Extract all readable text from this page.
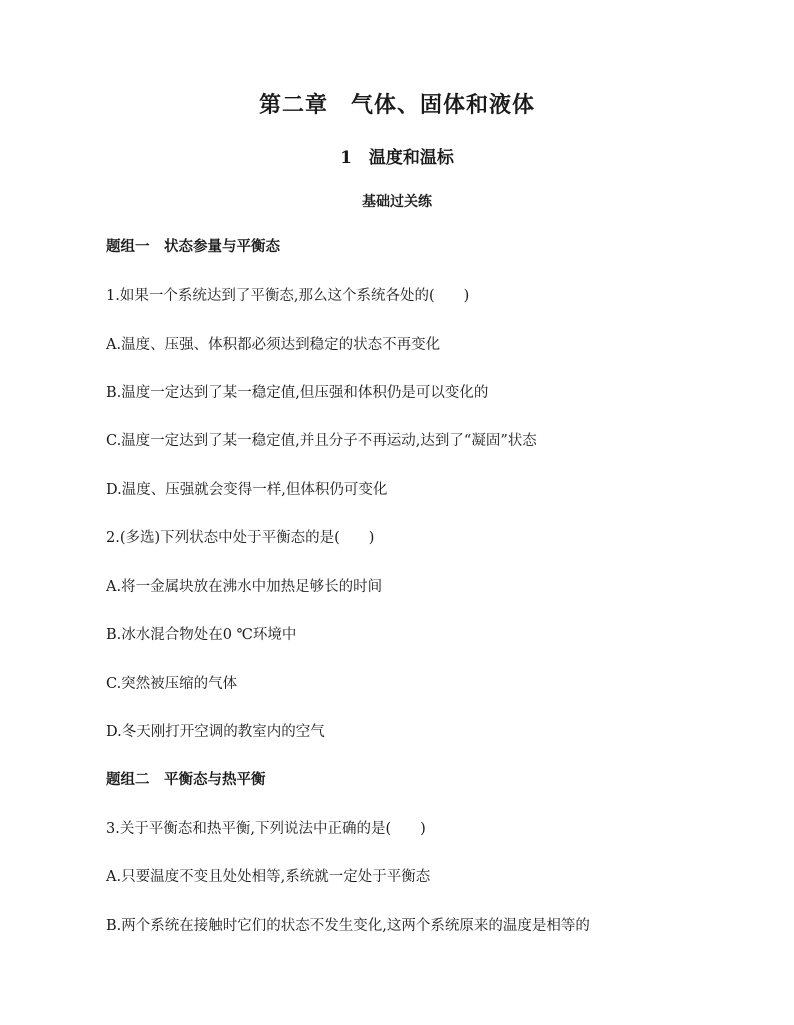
第二章　气体、固体和液体
1　温度和温标
基础过关练
题组一　状态参量与平衡态
1.如果一个系统达到了平衡态,那么这个系统各处的(　　)
A.温度、压强、体积都必须达到稳定的状态不再变化
B.温度一定达到了某一稳定值,但压强和体积仍是可以变化的
C.温度一定达到了某一稳定值,并且分子不再运动,达到了“凝固”状态
D.温度、压强就会变得一样,但体积仍可变化
2.(多选)下列状态中处于平衡态的是(　　)
A.将一金属块放在沸水中加热足够长的时间
B.冰水混合物处在0 ℃环境中
C.突然被压缩的气体
D.冬天刚打开空调的教室内的空气
题组二　平衡态与热平衡
3.关于平衡态和热平衡,下列说法中正确的是(　　)
A.只要温度不变且处处相等,系统就一定处于平衡态
B.两个系统在接触时它们的状态不发生变化,这两个系统原来的温度是相等的
